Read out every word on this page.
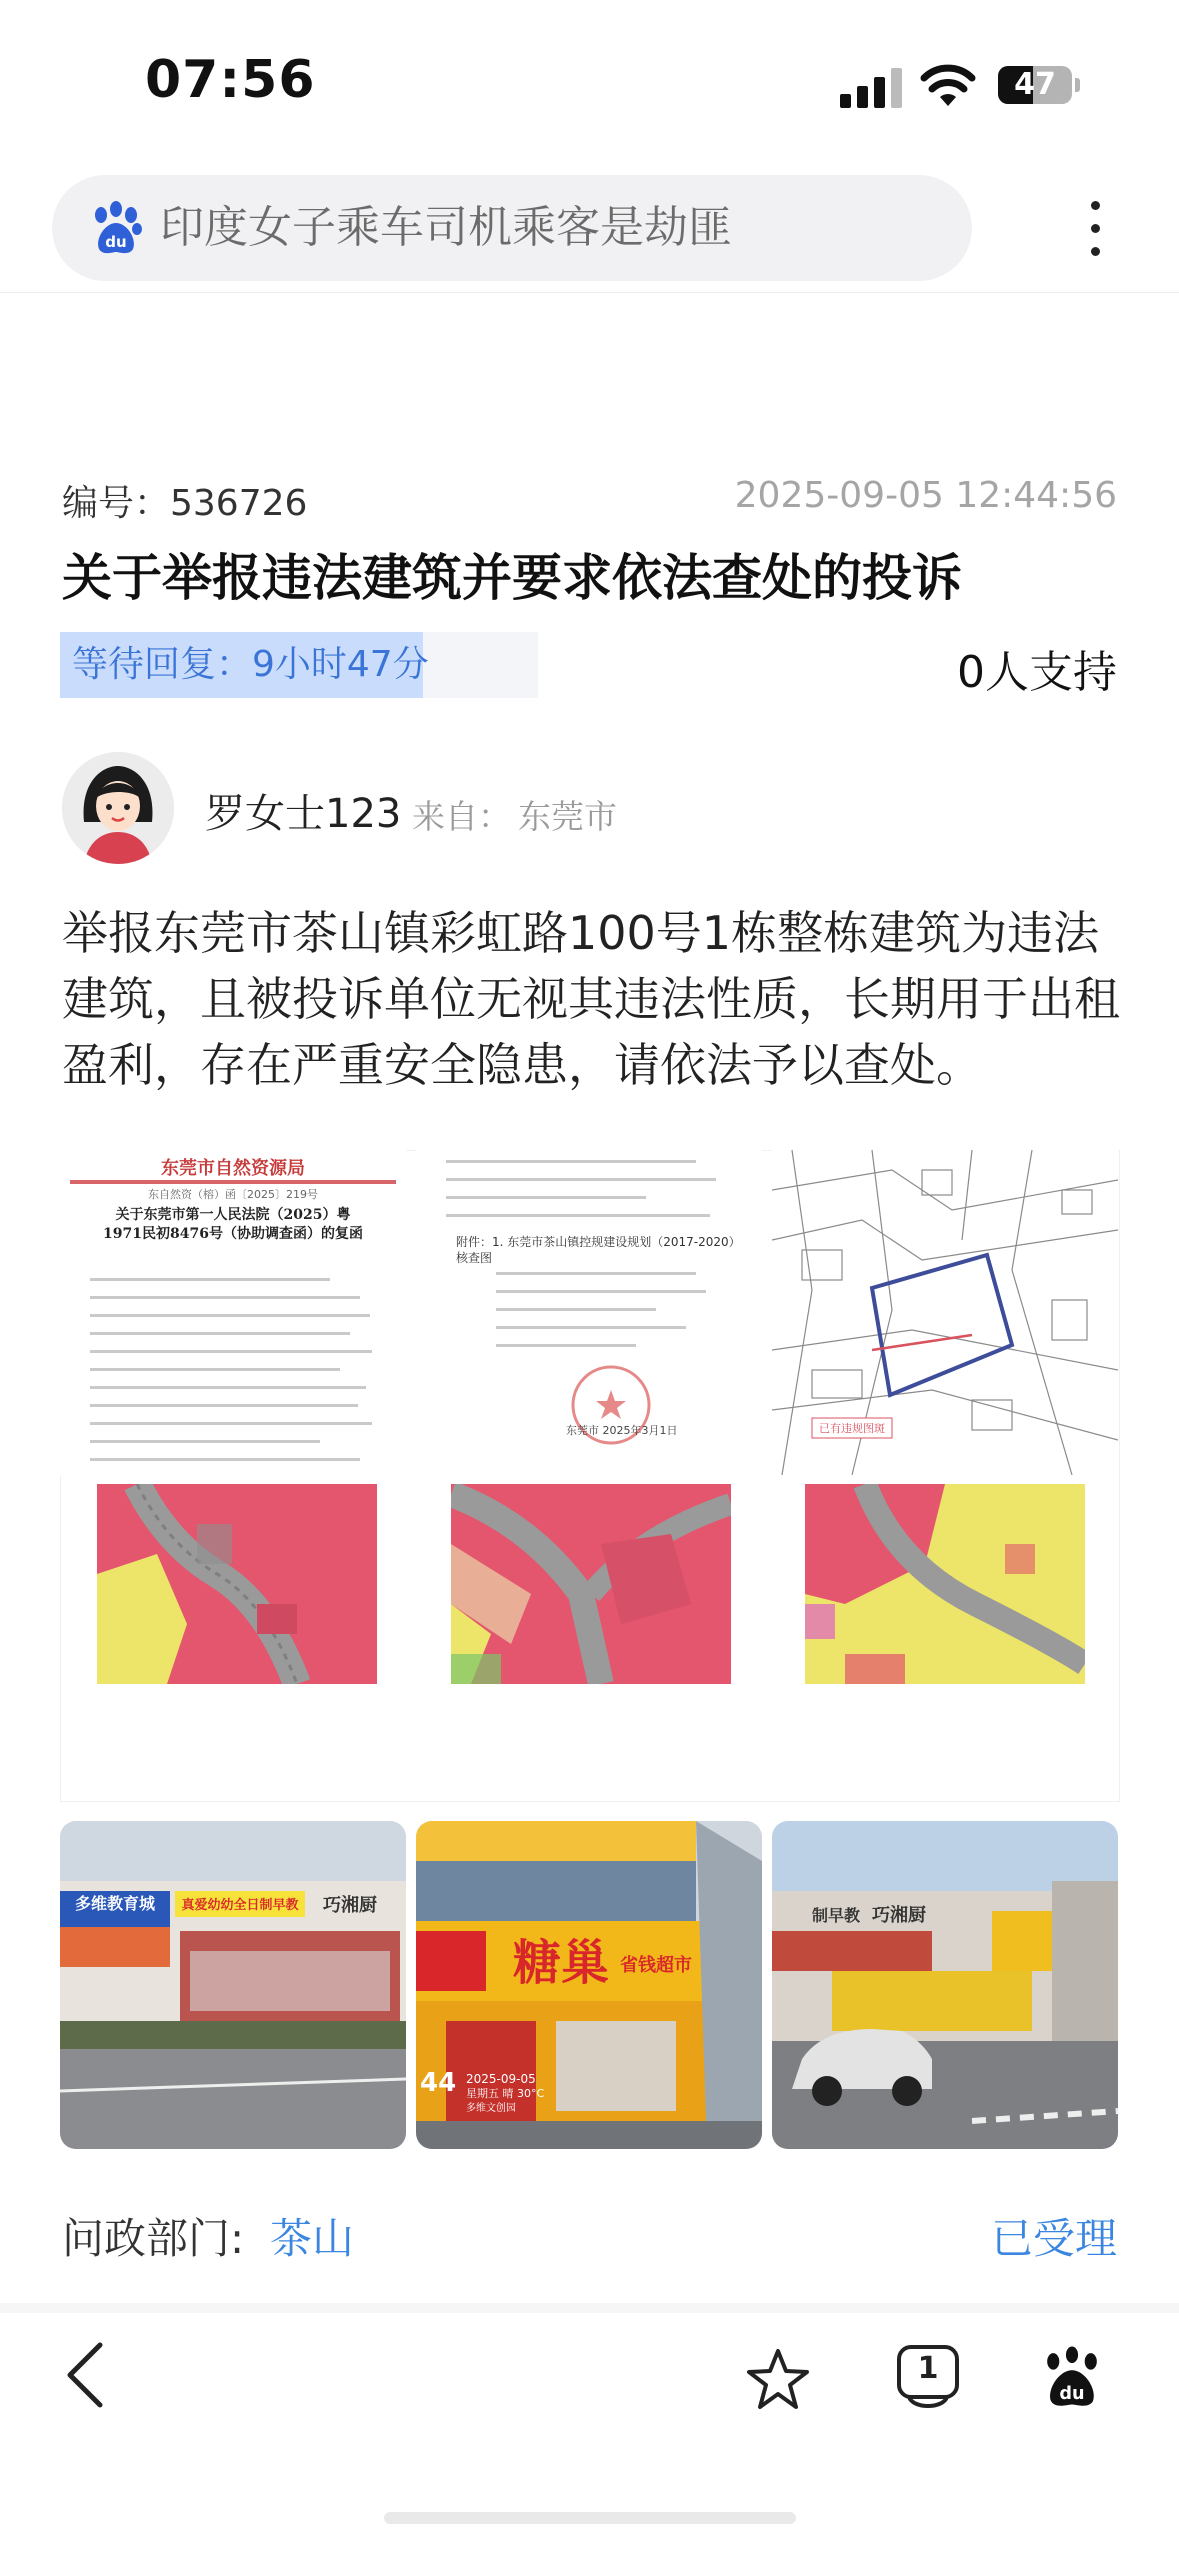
07:56	47
du 印度女子乘车司机乘客是劫匪
编号：536726	2025-09-05 12:44:56
关于举报违法建筑并要求依法查处的投诉
等待回复：9小时47分	0人支持
罗女士123 来自： 东莞市
举报东莞市茶山镇彩虹路100号1栋整栋建筑为违法建筑，且被投诉单位无视其违法性质，长期用于出租盈利，存在严重安全隐患，请依法予以查处。
东莞市自然资源局
东自然资（榕）函〔2025〕219号
关于东莞市第一人民法院（2025）粤1971民初8476号（协助调查函）的复函	附件：1. 东莞市茶山镇控规建设规划（2017-2020）核查图
东莞市 2025年3月1日	已有违规图斑
多维教育城 真爱幼幼全日制早教 巧湘厨
糖巢 省钱超市
44 2025-09-05
星期五 晴 30°C
多维文创园
制早教 巧湘厨
问政部门: 茶山	已受理
1
du
